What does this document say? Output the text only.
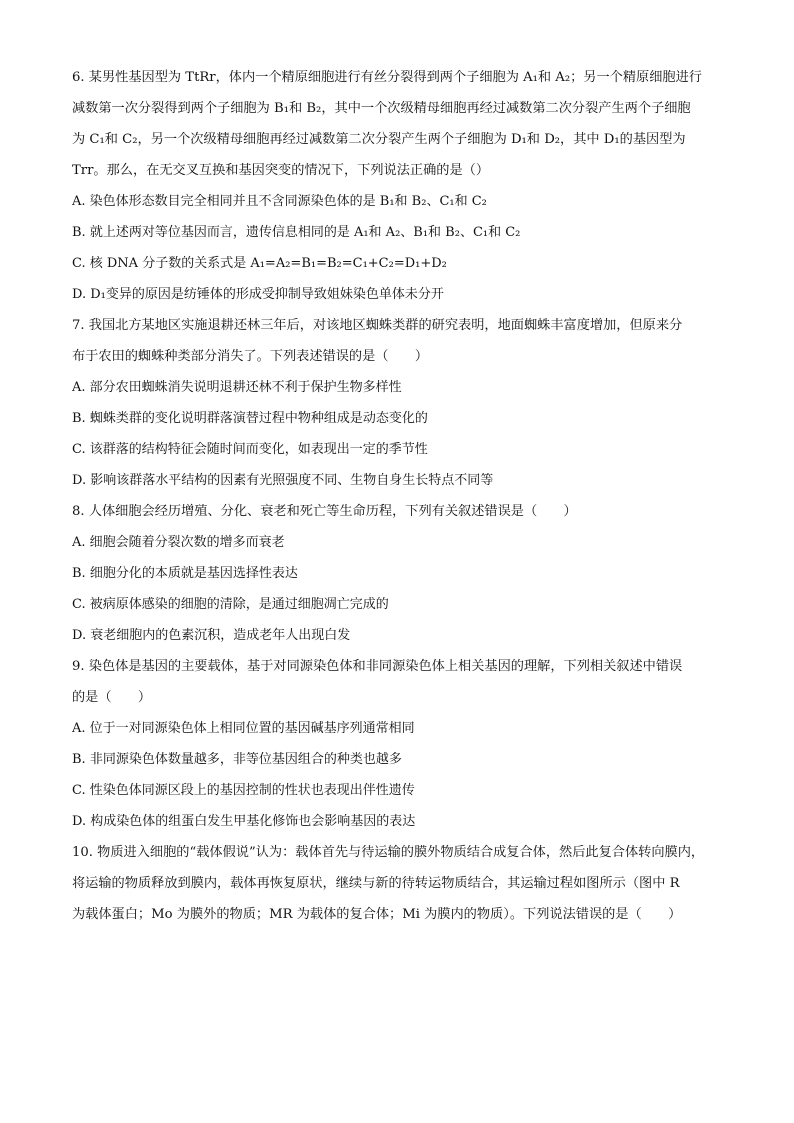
6. 某男性基因型为 TtRr，体内一个精原细胞进行有丝分裂得到两个子细胞为 A₁和 A₂；另一个精原细胞进行
减数第一次分裂得到两个子细胞为 B₁和 B₂，其中一个次级精母细胞再经过减数第二次分裂产生两个子细胞
为 C₁和 C₂，另一个次级精母细胞再经过减数第二次分裂产生两个子细胞为 D₁和 D₂，其中 D₁的基因型为
Trr。那么，在无交叉互换和基因突变的情况下，下列说法正确的是（）
A. 染色体形态数目完全相同并且不含同源染色体的是 B₁和 B₂、C₁和 C₂
B. 就上述两对等位基因而言，遗传信息相同的是 A₁和 A₂、B₁和 B₂、C₁和 C₂
C. 核 DNA 分子数的关系式是 A₁=A₂=B₁=B₂=C₁+C₂=D₁+D₂
D. D₁变异的原因是纺锤体的形成受抑制导致姐妹染色单体未分开
7. 我国北方某地区实施退耕还林三年后，对该地区蜘蛛类群的研究表明，地面蜘蛛丰富度增加，但原来分
布于农田的蜘蛛种类部分消失了。下列表述错误的是（　　）
A. 部分农田蜘蛛消失说明退耕还林不利于保护生物多样性
B. 蜘蛛类群的变化说明群落演替过程中物种组成是动态变化的
C. 该群落的结构特征会随时间而变化，如表现出一定的季节性
D. 影响该群落水平结构的因素有光照强度不同、生物自身生长特点不同等
8. 人体细胞会经历增殖、分化、衰老和死亡等生命历程，下列有关叙述错误是（　　）
A. 细胞会随着分裂次数的增多而衰老
B. 细胞分化的本质就是基因选择性表达
C. 被病原体感染的细胞的清除，是通过细胞凋亡完成的
D. 衰老细胞内的色素沉积，造成老年人出现白发
9. 染色体是基因的主要载体，基于对同源染色体和非同源染色体上相关基因的理解，下列相关叙述中错误
的是（　　）
A. 位于一对同源染色体上相同位置的基因碱基序列通常相同
B. 非同源染色体数量越多，非等位基因组合的种类也越多
C. 性染色体同源区段上的基因控制的性状也表现出伴性遗传
D. 构成染色体的组蛋白发生甲基化修饰也会影响基因的表达
10. 物质进入细胞的“载体假说”认为：载体首先与待运输的膜外物质结合成复合体，然后此复合体转向膜内，
将运输的物质释放到膜内，载体再恢复原状，继续与新的待转运物质结合，其运输过程如图所示（图中 R
为载体蛋白；Mo 为膜外的物质；MR 为载体的复合体；Mi 为膜内的物质）。下列说法错误的是（　　）
